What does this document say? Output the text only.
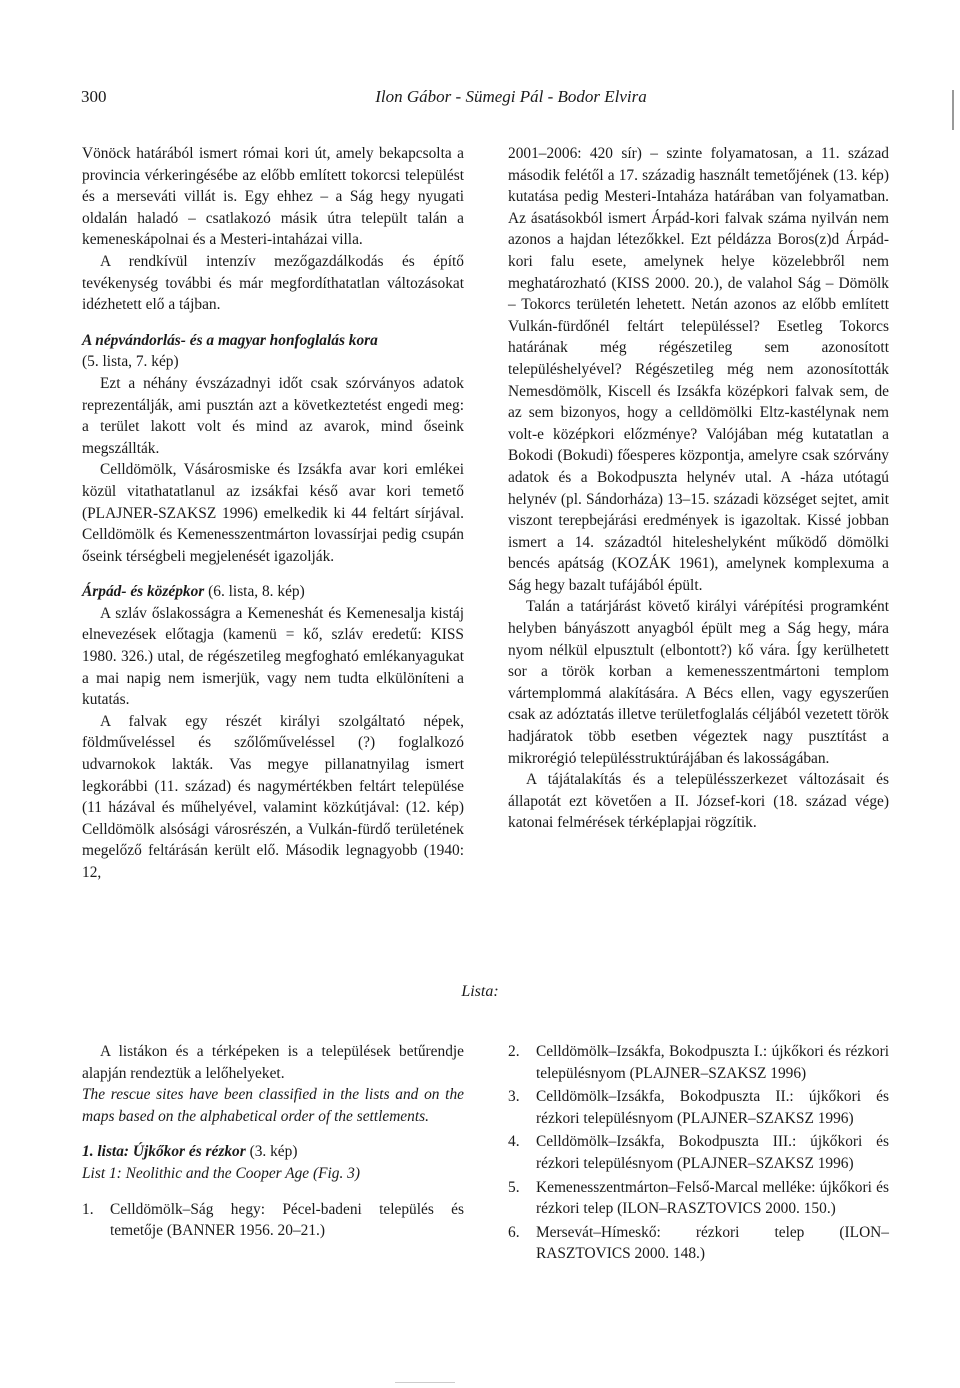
300	Ilon Gábor - Sümegi Pál - Bodor Elvira

Vönöck határából ismert római kori út, amely bekapcsolta a provincia vérkeringésébe az előbb említett tokorcsi települést és a merseváti villát is. Egy ehhez – a Ság hegy nyugati oldalán haladó – csatlakozó másik útra települt talán a kemeneskápolnai és a Mesteri-intaházai villa.

A rendkívül intenzív mezőgazdálkodás és építő tevékenység további és már megfordíthatatlan változásokat idézhetett elő a tájban.

A népvándorlás- és a magyar honfoglalás kora

(5. lista, 7. kép)

Ezt a néhány évszázadnyi időt csak szórványos adatok reprezentálják, ami pusztán azt a következtetést engedi meg: a terület lakott volt és mind az avarok, mind őseink megszállták.

Celldömölk, Vásárosmiske és Izsákfa avar kori emlékei közül vitathatatlanul az izsákfai késő avar kori temető (PLAJNER-SZAKSZ 1996) emelkedik ki 44 feltárt sírjával. Celldömölk és Kemenesszentmárton lovassírjai pedig csupán őseink térségbeli megjelenését igazolják.

Árpád- és középkor (6. lista, 8. kép)

A szláv őslakosságra a Kemeneshát és Kemenesalja kistáj elnevezések előtagja (kamenü = kő, szláv eredetű: KISS 1980. 326.) utal, de régészetileg megfogható emlékanyagukat a mai napig nem ismerjük, vagy nem tudta elkülöníteni a kutatás.

A falvak egy részét királyi szolgáltató népek, földműveléssel és szőlőműveléssel (?) foglalkozó udvarnokok lakták. Vas megye pillanatnyilag ismert legkorábbi (11. század) és nagymértékben feltárt települése (11 házával és műhelyével, valamint közkútjával: (12. kép) Celldömölk alsósági városrészén, a Vulkán-fürdő területének megelőző feltárásán került elő. Második legnagyobb (1940: 12,

2001–2006: 420 sír) – szinte folyamatosan, a 11. század második felétől a 17. századig használt temetőjének (13. kép) kutatása pedig Mesteri-Intaháza határában van folyamatban. Az ásatásokból ismert Árpád-kori falvak száma nyilván nem azonos a hajdan létezőkkel. Ezt példázza Boros(z)d Árpád-kori falu esete, amelynek helye közelebbről nem meghatározható (KISS 2000. 20.), de valahol Ság – Dömölk – Tokorcs területén lehetett. Netán azonos az előbb említett Vulkán-fürdőnél feltárt településsel? Esetleg Tokorcs határának még régészetileg sem azonosított településhelyével? Régészetileg még nem azonosították Nemesdömölk, Kiscell és Izsákfa középkori falvak sem, de az sem bizonyos, hogy a celldömölki Eltz-kastélynak nem volt-e középkori előzménye? Valójában még kutatatlan a Bokodi (Bokudi) főesperes központja, amelyre csak szórvány adatok és a Bokodpuszta helynév utal. A -háza utótagú helynév (pl. Sándorháza) 13–15. századi községet sejtet, amit viszont terepbejárási eredmények is igazoltak. Kissé jobban ismert a 14. századtól hiteleshelyként működő dömölki bencés apátság (KOZÁK 1961), amelynek komplexuma a Ság hegy bazalt tufájából épült.

Talán a tatárjárást követő királyi várépítési programként helyben bányászott anyagból épült meg a Ság hegy, mára nyom nélkül elpusztult (elbontott?) kő vára. Így kerülhetett sor a török korban a kemenesszentmártoni templom vártemplommá alakítására. A Bécs ellen, vagy egyszerűen csak az adóztatás illetve területfoglalás céljából vezetett török hadjáratok több esetben végeztek nagy pusztítást a mikrorégió településstruktúrájában és lakosságában.

A tájátalakítás és a településszerkezet változásait és állapotát ezt követően a II. József-kori (18. század vége) katonai felmérések térképlapjai rögzítik.

Lista:

A listákon és a térképeken is a települések betűrendje alapján rendeztük a lelőhelyeket.

The rescue sites have been classified in the lists and on the maps based on the alphabetical order of the settlements.

1. lista: Újkőkor és rézkor (3. kép)

List 1: Neolithic and the Cooper Age (Fig. 3)

1. Celldömölk–Ság hegy: Pécel-badeni település és temetője (BANNER 1956. 20–21.)
2. Celldömölk–Izsákfa, Bokodpuszta I.: újkőkori és rézkori településnyom (PLAJNER–SZAKSZ 1996)
3. Celldömölk–Izsákfa, Bokodpuszta II.: újkőkori és rézkori településnyom (PLAJNER–SZAKSZ 1996)
4. Celldömölk–Izsákfa, Bokodpuszta III.: újkőkori és rézkori településnyom (PLAJNER–SZAKSZ 1996)
5. Kemenesszentmárton–Felső-Marcal melléke: újkőkori és rézkori telep (ILON–RASZTOVICS 2000. 150.)
6. Mersevát–Hímeskő: rézkori telep (ILON–RASZTOVICS 2000. 148.)
